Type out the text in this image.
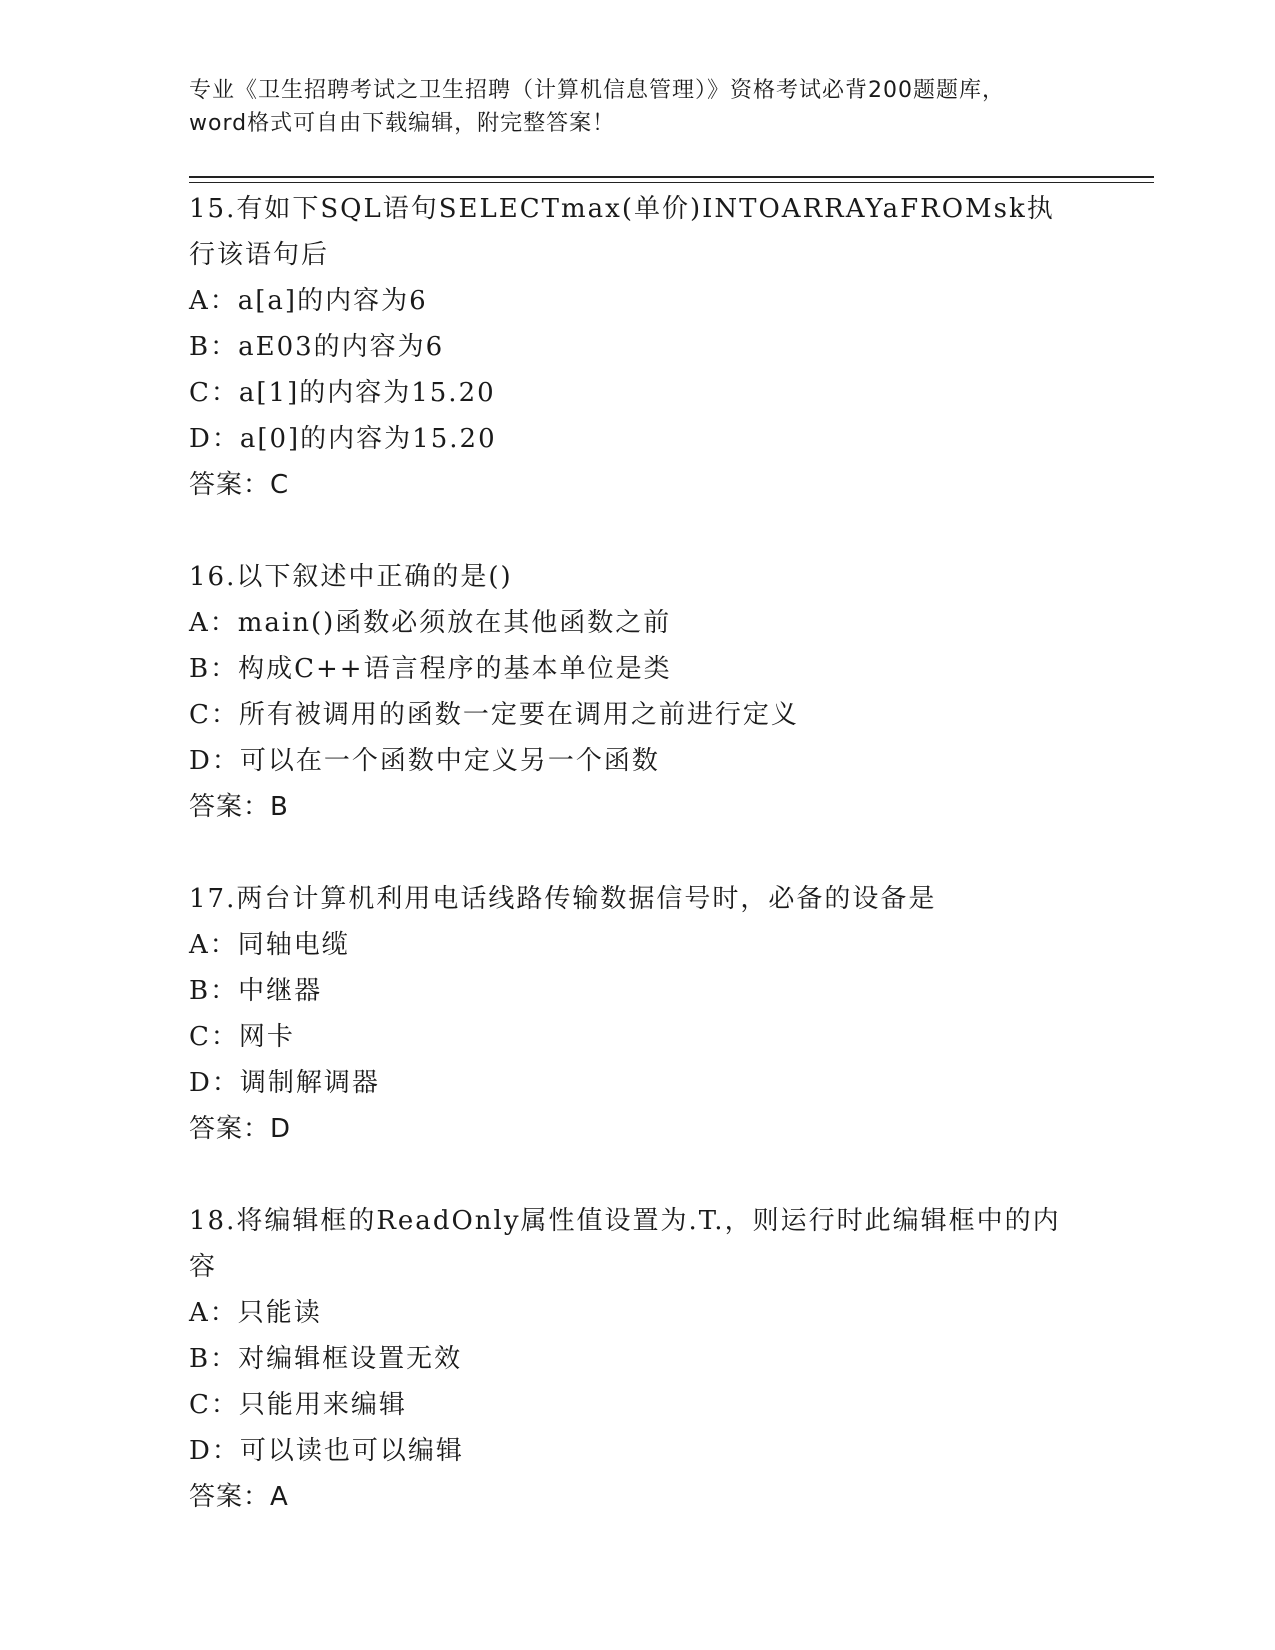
专业《卫生招聘考试之卫生招聘（计算机信息管理）》资格考试必背200题题库，
word格式可自由下载编辑，附完整答案！
15.有如下SQL语句SELECTmax(单价)INTOARRAYaFROMsk执行该语句后
A：a[a]的内容为6
B：aE03的内容为6
C：a[1]的内容为15.20
D：a[0]的内容为15.20
答案：C
16.以下叙述中正确的是()
A：main()函数必须放在其他函数之前
B：构成C++语言程序的基本单位是类
C：所有被调用的函数一定要在调用之前进行定义
D：可以在一个函数中定义另一个函数
答案：B
17.两台计算机利用电话线路传输数据信号时，必备的设备是
A：同轴电缆
B：中继器
C：网卡
D：调制解调器
答案：D
18.将编辑框的ReadOnly属性值设置为.T.，则运行时此编辑框中的内容
A：只能读
B：对编辑框设置无效
C：只能用来编辑
D：可以读也可以编辑
答案：A
